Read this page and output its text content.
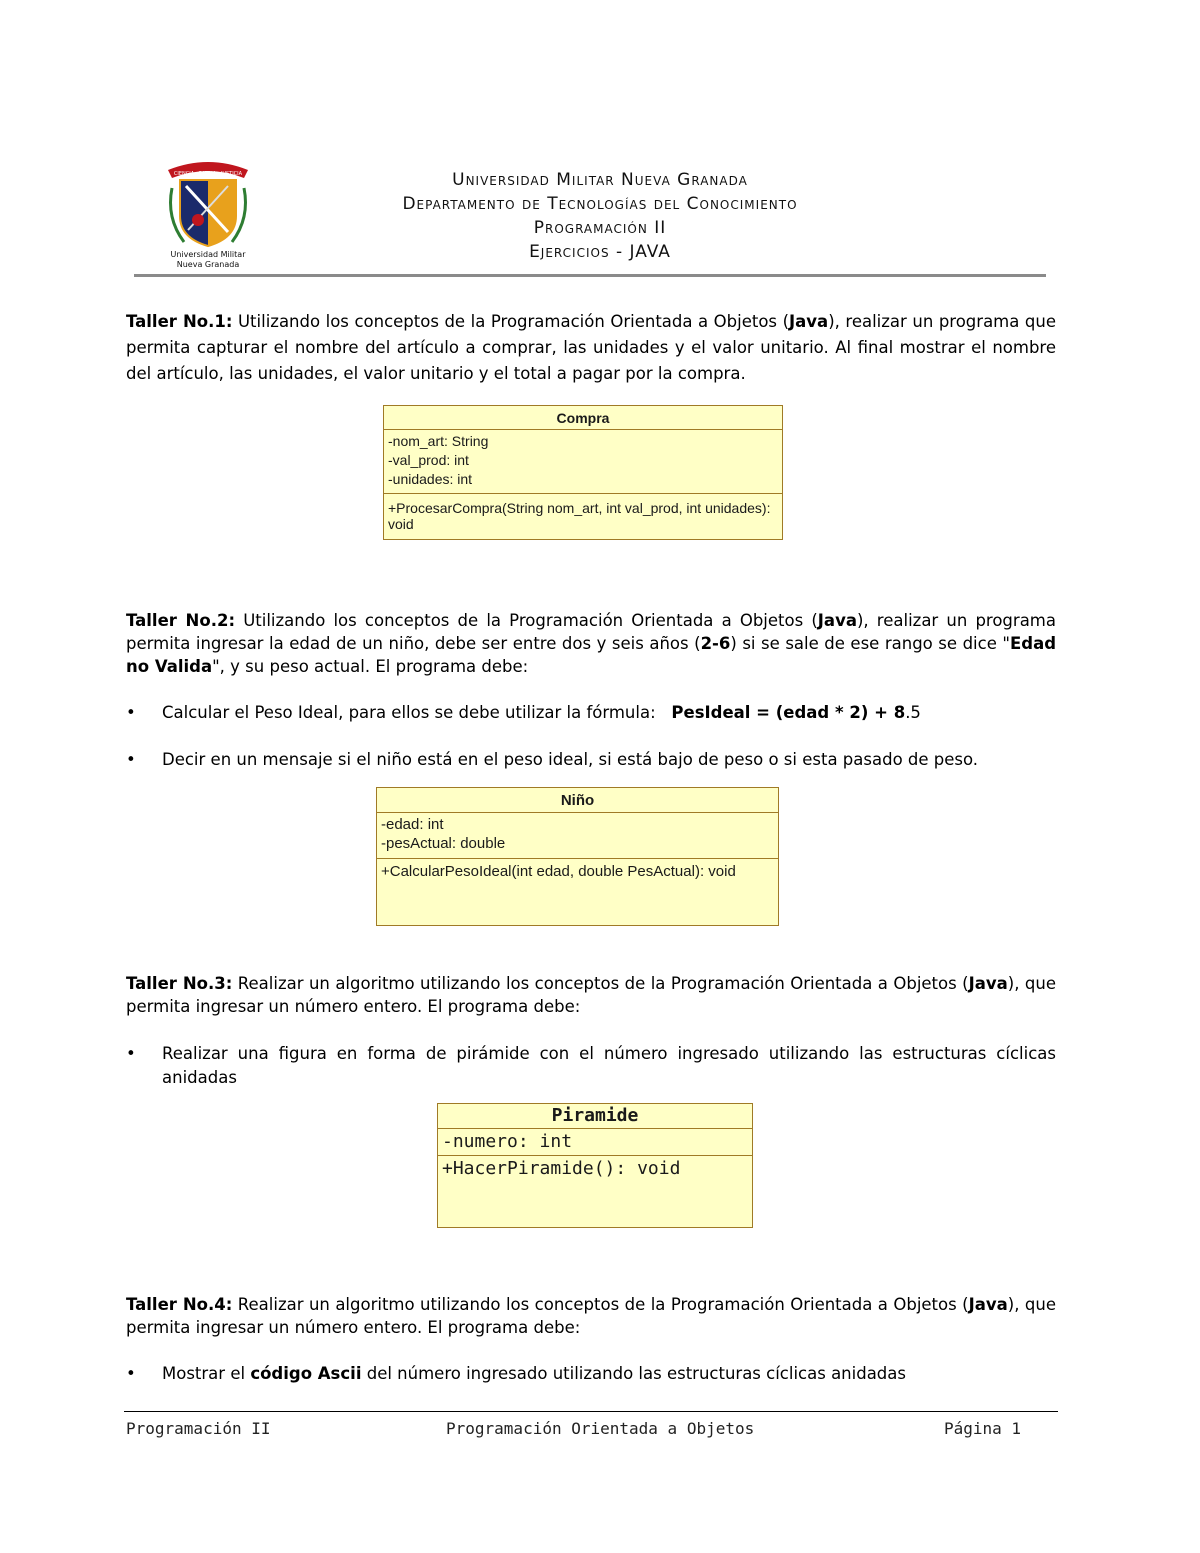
CIENCIA · PATRIA · JUSTICIA
Universidad Militar
Nueva Granada
Universidad Militar Nueva Granada
Departamento de Tecnologías del Conocimiento
Programación II
Ejercicios - JAVA
Taller No.1: Utilizando los conceptos de la Programación Orientada a Objetos (Java), realizar un programa que permita capturar el nombre del artículo a comprar, las unidades y el valor unitario. Al final mostrar el nombre del artículo, las unidades, el valor unitario y el total a pagar por la compra.
Compra
-nom_art: String
-val_prod: int
-unidades: int
+ProcesarCompra(String nom_art, int val_prod, int unidades): void
Taller No.2: Utilizando los conceptos de la Programación Orientada a Objetos (Java), realizar un programa permita ingresar la edad de un niño, debe ser entre dos y seis años (2-6) si se sale de ese rango se dice "Edad no Valida", y su peso actual. El programa debe:
•	Calcular el Peso Ideal, para ellos se debe utilizar la fórmula: PesIdeal = (edad * 2) + 8.5
•	Decir en un mensaje si el niño está en el peso ideal, si está bajo de peso o si esta pasado de peso.
Niño
-edad: int
-pesActual: double
+CalcularPesoIdeal(int edad, double PesActual): void
Taller No.3: Realizar un algoritmo utilizando los conceptos de la Programación Orientada a Objetos (Java), que permita ingresar un número entero. El programa debe:
•	Realizar una figura en forma de pirámide con el número ingresado utilizando las estructuras cíclicas anidadas
Piramide
-numero: int
+HacerPiramide(): void
Taller No.4: Realizar un algoritmo utilizando los conceptos de la Programación Orientada a Objetos (Java), que permita ingresar un número entero. El programa debe:
•	Mostrar el código Ascii del número ingresado utilizando las estructuras cíclicas anidadas
Programación II	Programación Orientada a Objetos	Página 1
